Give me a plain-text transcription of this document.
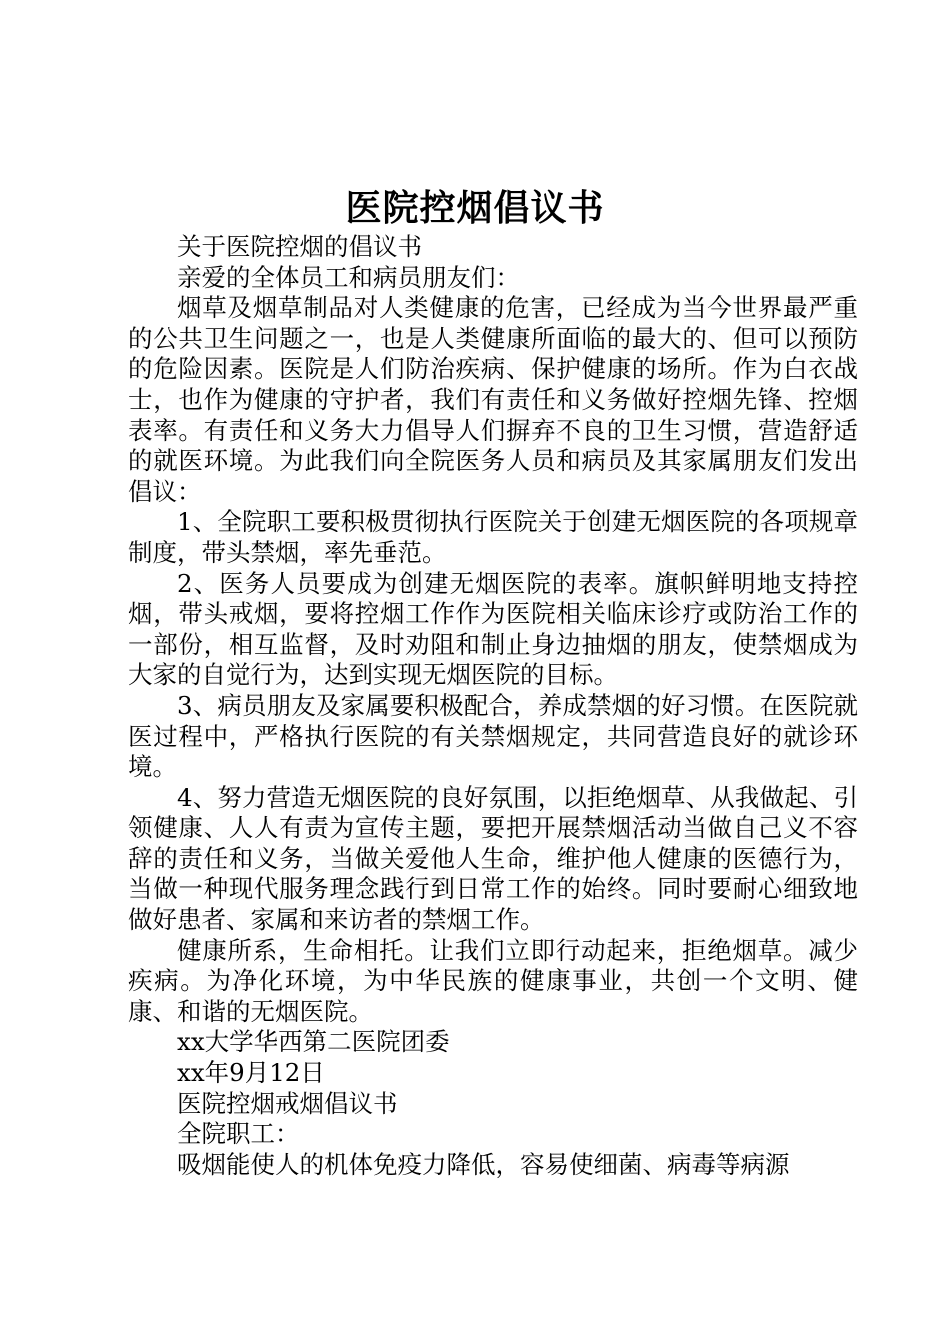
医院控烟倡议书

关于医院控烟的倡议书

亲爱的全体员工和病员朋友们：

烟草及烟草制品对人类健康的危害，已经成为当今世界最严重的公共卫生问题之一，也是人类健康所面临的最大的、但可以预防的危险因素。医院是人们防治疾病、保护健康的场所。作为白衣战士，也作为健康的守护者，我们有责任和义务做好控烟先锋、控烟表率。有责任和义务大力倡导人们摒弃不良的卫生习惯，营造舒适的就医环境。为此我们向全院医务人员和病员及其家属朋友们发出倡议：

1、全院职工要积极贯彻执行医院关于创建无烟医院的各项规章制度，带头禁烟，率先垂范。

2、医务人员要成为创建无烟医院的表率。旗帜鲜明地支持控烟，带头戒烟，要将控烟工作作为医院相关临床诊疗或防治工作的一部份，相互监督，及时劝阻和制止身边抽烟的朋友，使禁烟成为大家的自觉行为，达到实现无烟医院的目标。

3、病员朋友及家属要积极配合，养成禁烟的好习惯。在医院就医过程中，严格执行医院的有关禁烟规定，共同营造良好的就诊环境。

4、努力营造无烟医院的良好氛围，以拒绝烟草、从我做起、引领健康、人人有责为宣传主题，要把开展禁烟活动当做自己义不容辞的责任和义务，当做关爱他人生命，维护他人健康的医德行为，当做一种现代服务理念践行到日常工作的始终。同时要耐心细致地做好患者、家属和来访者的禁烟工作。

健康所系，生命相托。让我们立即行动起来，拒绝烟草。减少疾病。为净化环境，为中华民族的健康事业，共创一个文明、健康、和谐的无烟医院。

xx大学华西第二医院团委

xx年9月12日

医院控烟戒烟倡议书

全院职工：

吸烟能使人的机体免疫力降低，容易使细菌、病毒等病源
